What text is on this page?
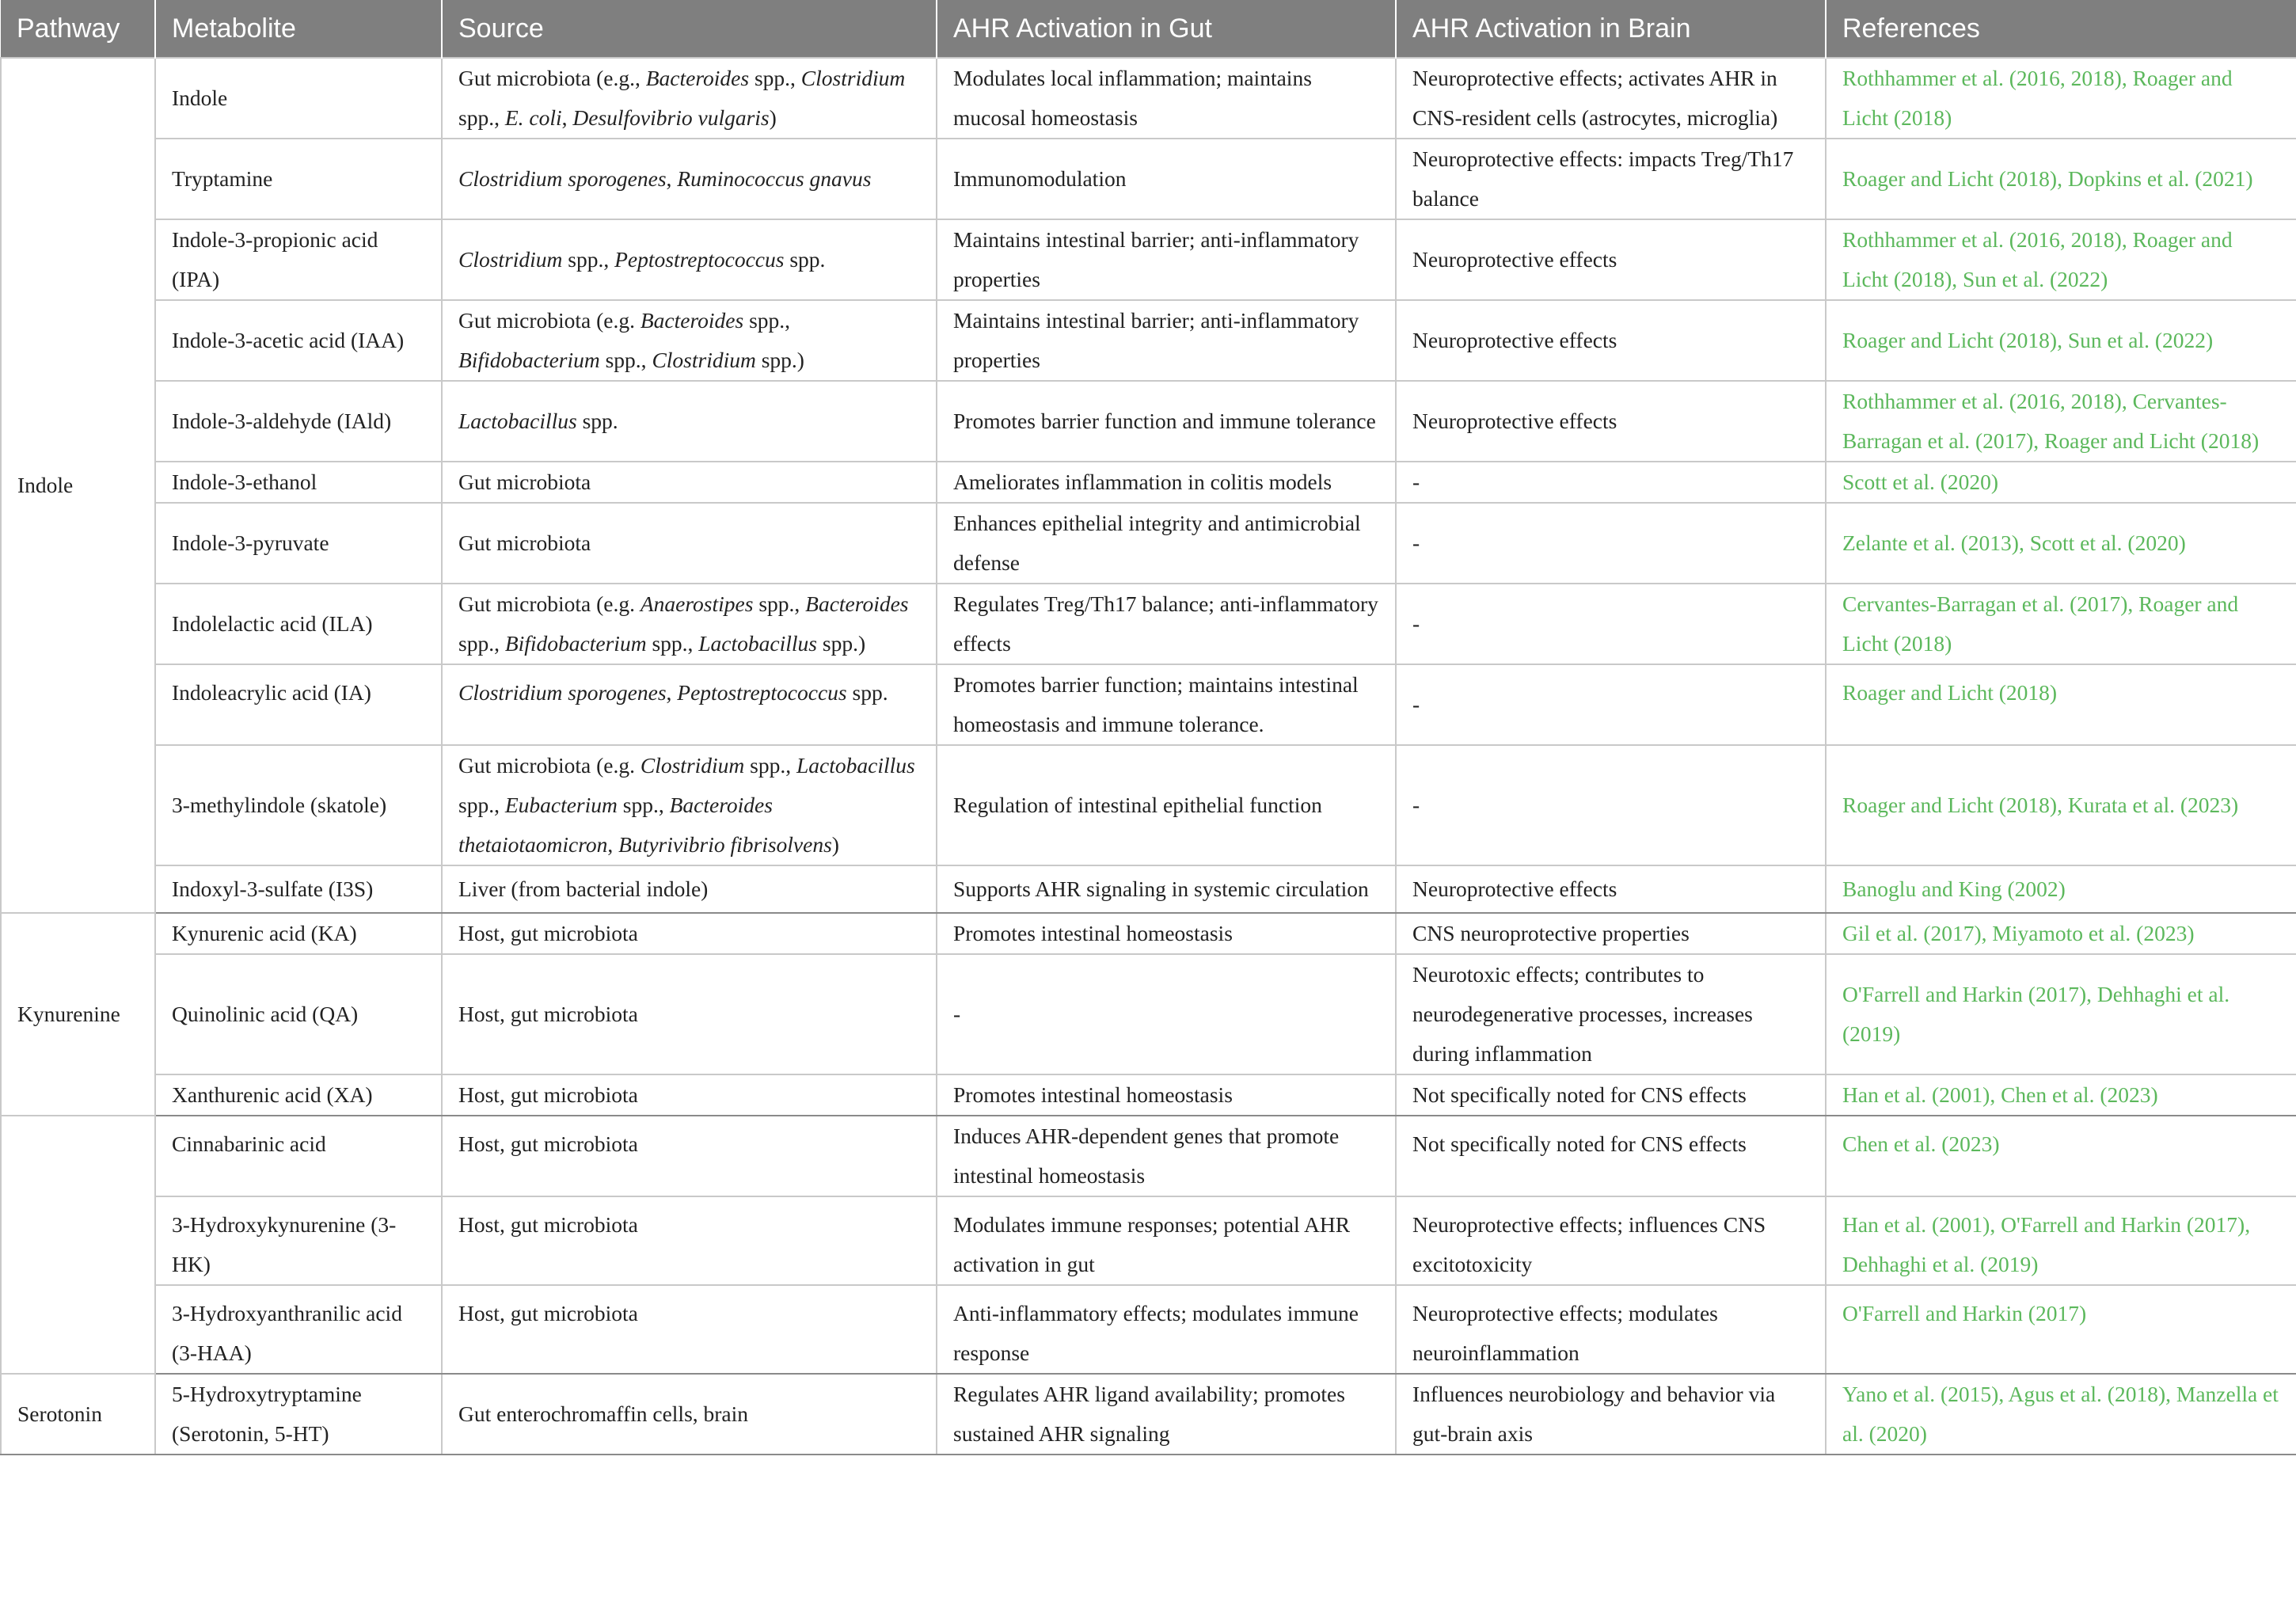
Pathway	Metabolite	Source	AHR Activation in Gut	AHR Activation in Brain	References
Indole	Indole	Gut microbiota (e.g., Bacteroides spp., Clostridium spp., E. coli, Desulfovibrio vulgaris)	Modulates local inflammation; maintains mucosal homeostasis	Neuroprotective effects; activates AHR in CNS-resident cells (astrocytes, microglia)	Rothhammer et al. (2016, 2018), Roager and Licht (2018)
	Tryptamine	Clostridium sporogenes, Ruminococcus gnavus	Immunomodulation	Neuroprotective effects: impacts Treg/Th17 balance	Roager and Licht (2018), Dopkins et al. (2021)
	Indole-3-propionic acid (IPA)	Clostridium spp., Peptostreptococcus spp.	Maintains intestinal barrier; anti-inflammatory properties	Neuroprotective effects	Rothhammer et al. (2016, 2018), Roager and Licht (2018), Sun et al. (2022)
	Indole-3-acetic acid (IAA)	Gut microbiota (e.g. Bacteroides spp., Bifidobacterium spp., Clostridium spp.)	Maintains intestinal barrier; anti-inflammatory properties	Neuroprotective effects	Roager and Licht (2018), Sun et al. (2022)
	Indole-3-aldehyde (IAld)	Lactobacillus spp.	Promotes barrier function and immune tolerance	Neuroprotective effects	Rothhammer et al. (2016, 2018), Cervantes-Barragan et al. (2017), Roager and Licht (2018)
	Indole-3-ethanol	Gut microbiota	Ameliorates inflammation in colitis models	-	Scott et al. (2020)
	Indole-3-pyruvate	Gut microbiota	Enhances epithelial integrity and antimicrobial defense	-	Zelante et al. (2013), Scott et al. (2020)
	Indolelactic acid (ILA)	Gut microbiota (e.g. Anaerostipes spp., Bacteroides spp., Bifidobacterium spp., Lactobacillus spp.)	Regulates Treg/Th17 balance; anti-inflammatory effects	-	Cervantes-Barragan et al. (2017), Roager and Licht (2018)
	Indoleacrylic acid (IA)	Clostridium sporogenes, Peptostreptococcus spp.	Promotes barrier function; maintains intestinal homeostasis and immune tolerance.	-	Roager and Licht (2018)
	3-methylindole (skatole)	Gut microbiota (e.g. Clostridium spp., Lactobacillus spp., Eubacterium spp., Bacteroides thetaiotaomicron, Butyrivibrio fibrisolvens)	Regulation of intestinal epithelial function	-	Roager and Licht (2018), Kurata et al. (2023)
	Indoxyl-3-sulfate (I3S)	Liver (from bacterial indole)	Supports AHR signaling in systemic circulation	Neuroprotective effects	Banoglu and King (2002)
Kynurenine	Kynurenic acid (KA)	Host, gut microbiota	Promotes intestinal homeostasis	CNS neuroprotective properties	Gil et al. (2017), Miyamoto et al. (2023)
	Quinolinic acid (QA)	Host, gut microbiota	-	Neurotoxic effects; contributes to neurodegenerative processes, increases during inflammation	O'Farrell and Harkin (2017), Dehhaghi et al. (2019)
	Xanthurenic acid (XA)	Host, gut microbiota	Promotes intestinal homeostasis	Not specifically noted for CNS effects	Han et al. (2001), Chen et al. (2023)
	Cinnabarinic acid	Host, gut microbiota	Induces AHR-dependent genes that promote intestinal homeostasis	Not specifically noted for CNS effects	Chen et al. (2023)
	3-Hydroxykynurenine (3-HK)	Host, gut microbiota	Modulates immune responses; potential AHR activation in gut	Neuroprotective effects; influences CNS excitotoxicity	Han et al. (2001), O'Farrell and Harkin (2017), Dehhaghi et al. (2019)
	3-Hydroxyanthranilic acid (3-HAA)	Host, gut microbiota	Anti-inflammatory effects; modulates immune response	Neuroprotective effects; modulates neuroinflammation	O'Farrell and Harkin (2017)
Serotonin	5-Hydroxytryptamine (Serotonin, 5-HT)	Gut enterochromaffin cells, brain	Regulates AHR ligand availability; promotes sustained AHR signaling	Influences neurobiology and behavior via gut-brain axis	Yano et al. (2015), Agus et al. (2018), Manzella et al. (2020)
